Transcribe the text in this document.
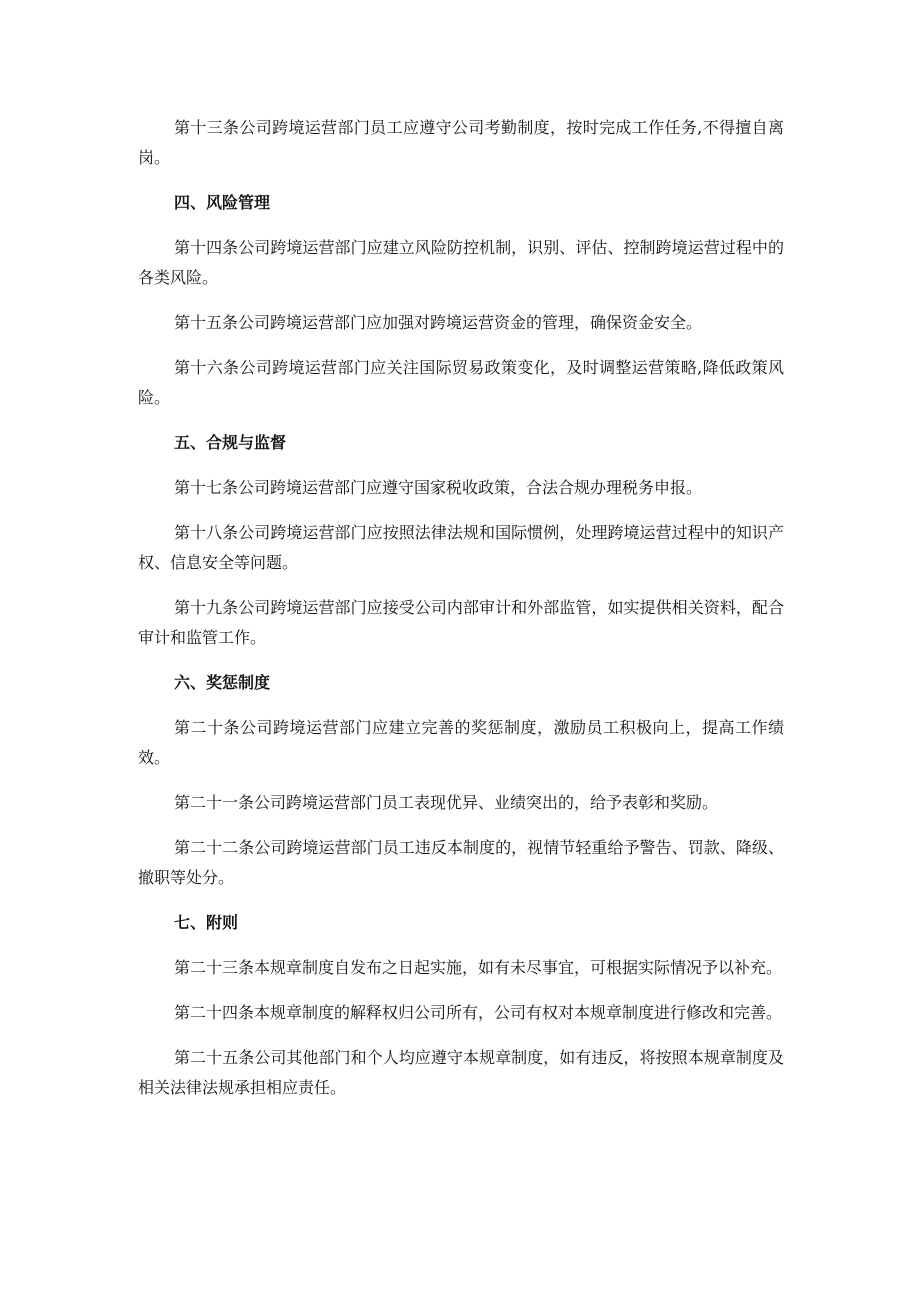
第十三条公司跨境运营部门员工应遵守公司考勤制度，按时完成工作任务,不得擅自离岗。

四、风险管理

第十四条公司跨境运营部门应建立风险防控机制，识别、评估、控制跨境运营过程中的各类风险。

第十五条公司跨境运营部门应加强对跨境运营资金的管理，确保资金安全。

第十六条公司跨境运营部门应关注国际贸易政策变化，及时调整运营策略,降低政策风险。

五、合规与监督

第十七条公司跨境运营部门应遵守国家税收政策，合法合规办理税务申报。

第十八条公司跨境运营部门应按照法律法规和国际惯例，处理跨境运营过程中的知识产权、信息安全等问题。

第十九条公司跨境运营部门应接受公司内部审计和外部监管，如实提供相关资料，配合审计和监管工作。

六、奖惩制度

第二十条公司跨境运营部门应建立完善的奖惩制度，激励员工积极向上，提高工作绩效。

第二十一条公司跨境运营部门员工表现优异、业绩突出的，给予表彰和奖励。

第二十二条公司跨境运营部门员工违反本制度的，视情节轻重给予警告、罚款、降级、撤职等处分。

七、附则

第二十三条本规章制度自发布之日起实施，如有未尽事宜，可根据实际情况予以补充。

第二十四条本规章制度的解释权归公司所有，公司有权对本规章制度进行修改和完善。

第二十五条公司其他部门和个人均应遵守本规章制度，如有违反，将按照本规章制度及相关法律法规承担相应责任。
